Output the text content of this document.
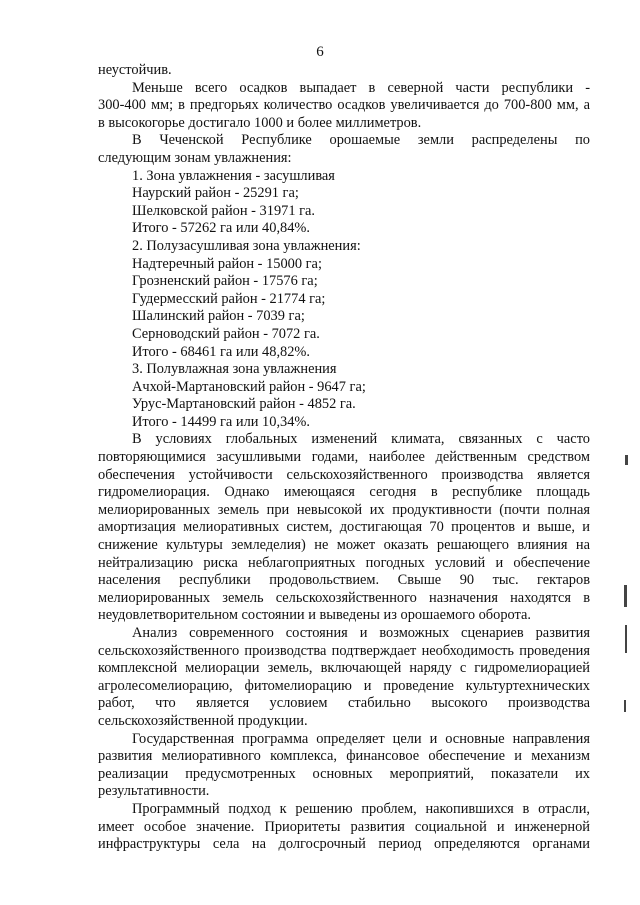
6
неустойчив.
Меньше всего осадков выпадает в северной части республики -
300-400 мм; в предгорьях количество осадков увеличивается до 700-800 мм, а
в высокогорье достигало 1000 и более миллиметров.
В Чеченской Республике орошаемые земли распределены по
следующим зонам увлажнения:
1. Зона увлажнения - засушливая
Наурский район - 25291 га;
Шелковской район - 31971 га.
Итого - 57262 га или 40,84%.
2. Полузасушливая зона увлажнения:
Надтеречный район - 15000 га;
Грозненский район - 17576 га;
Гудермесский район - 21774 га;
Шалинский район - 7039 га;
Серноводский район - 7072 га.
Итого - 68461 га или 48,82%.
3. Полувлажная зона увлажнения
Ачхой-Мартановский район - 9647 га;
Урус-Мартановский район - 4852 га.
Итого - 14499 га или 10,34%.
В условиях глобальных изменений климата, связанных с часто
повторяющимися засушливыми годами, наиболее действенным средством
обеспечения устойчивости сельскохозяйственного производства является
гидромелиорация. Однако имеющаяся сегодня в республике площадь
мелиорированных земель при невысокой их продуктивности (почти полная
амортизация мелиоративных систем, достигающая 70 процентов и выше, и
снижение культуры земледелия) не может оказать решающего влияния на
нейтрализацию риска неблагоприятных погодных условий и обеспечение
населения республики продовольствием. Свыше 90 тыс. гектаров
мелиорированных земель сельскохозяйственного назначения находятся в
неудовлетворительном состоянии и выведены из орошаемого оборота.
Анализ современного состояния и возможных сценариев развития
сельскохозяйственного производства подтверждает необходимость проведения
комплексной мелиорации земель, включающей наряду с гидромелиорацией
агролесомелиорацию, фитомелиорацию и проведение культуртехнических
работ, что является условием стабильно высокого производства
сельскохозяйственной продукции.
Государственная программа определяет цели и основные направления
развития мелиоративного комплекса, финансовое обеспечение и механизм
реализации предусмотренных основных мероприятий, показатели их
результативности.
Программный подход к решению проблем, накопившихся в отрасли,
имеет особое значение. Приоритеты развития социальной и инженерной
инфраструктуры села на долгосрочный период определяются органами
